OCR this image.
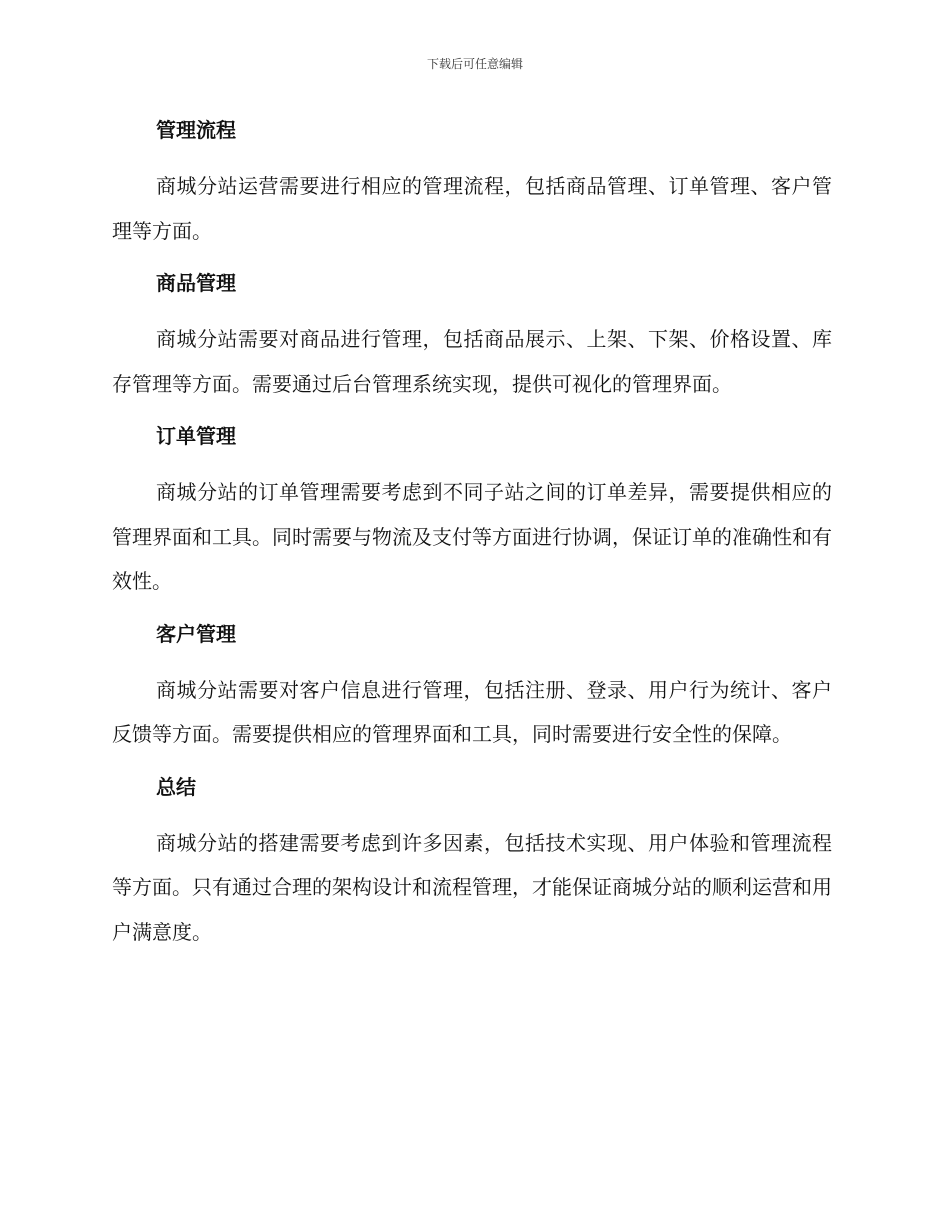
下载后可任意编辑
管理流程

商城分站运营需要进行相应的管理流程，包括商品管理、订单管理、客户管理等方面。

商品管理

商城分站需要对商品进行管理，包括商品展示、上架、下架、价格设置、库存管理等方面。需要通过后台管理系统实现，提供可视化的管理界面。

订单管理

商城分站的订单管理需要考虑到不同子站之间的订单差异，需要提供相应的管理界面和工具。同时需要与物流及支付等方面进行协调，保证订单的准确性和有效性。

客户管理

商城分站需要对客户信息进行管理，包括注册、登录、用户行为统计、客户反馈等方面。需要提供相应的管理界面和工具，同时需要进行安全性的保障。

总结

商城分站的搭建需要考虑到许多因素，包括技术实现、用户体验和管理流程等方面。只有通过合理的架构设计和流程管理，才能保证商城分站的顺利运营和用户满意度。
